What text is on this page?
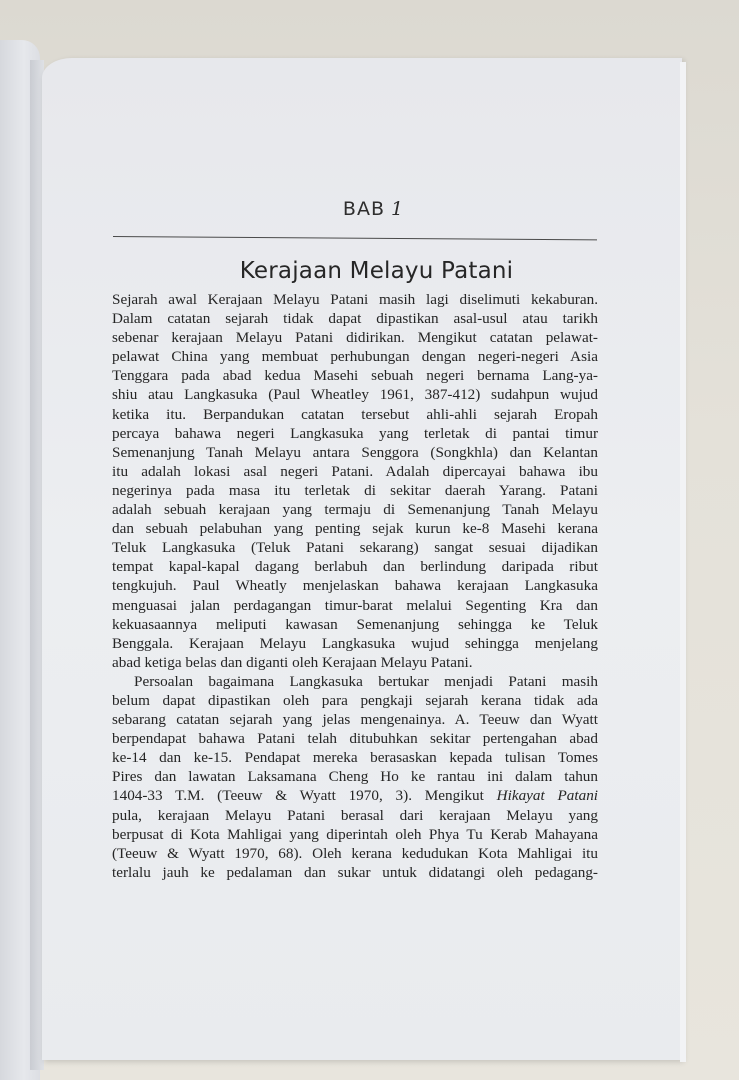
BAB 1
Kerajaan Melayu Patani

Sejarah awal Kerajaan Melayu Patani masih lagi diselimuti kekaburan.
Dalam catatan sejarah tidak dapat dipastikan asal-usul atau tarikh
sebenar kerajaan Melayu Patani didirikan. Mengikut catatan pelawat-
pelawat China yang membuat perhubungan dengan negeri-negeri Asia
Tenggara pada abad kedua Masehi sebuah negeri bernama Lang-ya-
shiu atau Langkasuka (Paul Wheatley 1961, 387-412) sudahpun wujud
ketika itu. Berpandukan catatan tersebut ahli-ahli sejarah Eropah
percaya bahawa negeri Langkasuka yang terletak di pantai timur
Semenanjung Tanah Melayu antara Senggora (Songkhla) dan Kelantan
itu adalah lokasi asal negeri Patani. Adalah dipercayai bahawa ibu
negerinya pada masa itu terletak di sekitar daerah Yarang. Patani
adalah sebuah kerajaan yang termaju di Semenanjung Tanah Melayu
dan sebuah pelabuhan yang penting sejak kurun ke-8 Masehi kerana
Teluk Langkasuka (Teluk Patani sekarang) sangat sesuai dijadikan
tempat kapal-kapal dagang berlabuh dan berlindung daripada ribut
tengkujuh. Paul Wheatly menjelaskan bahawa kerajaan Langkasuka
menguasai jalan perdagangan timur-barat melalui Segenting Kra dan
kekuasaannya meliputi kawasan Semenanjung sehingga ke Teluk
Benggala. Kerajaan Melayu Langkasuka wujud sehingga menjelang
abad ketiga belas dan diganti oleh Kerajaan Melayu Patani.

Persoalan bagaimana Langkasuka bertukar menjadi Patani masih
belum dapat dipastikan oleh para pengkaji sejarah kerana tidak ada
sebarang catatan sejarah yang jelas mengenainya. A. Teeuw dan Wyatt
berpendapat bahawa Patani telah ditubuhkan sekitar pertengahan abad
ke-14 dan ke-15. Pendapat mereka berasaskan kepada tulisan Tomes
Pires dan lawatan Laksamana Cheng Ho ke rantau ini dalam tahun
1404-33 T.M. (Teeuw & Wyatt 1970, 3). Mengikut Hikayat Patani
pula, kerajaan Melayu Patani berasal dari kerajaan Melayu yang
berpusat di Kota Mahligai yang diperintah oleh Phya Tu Kerab Mahayana
(Teeuw & Wyatt 1970, 68). Oleh kerana kedudukan Kota Mahligai itu
terlalu jauh ke pedalaman dan sukar untuk didatangi oleh pedagang-
